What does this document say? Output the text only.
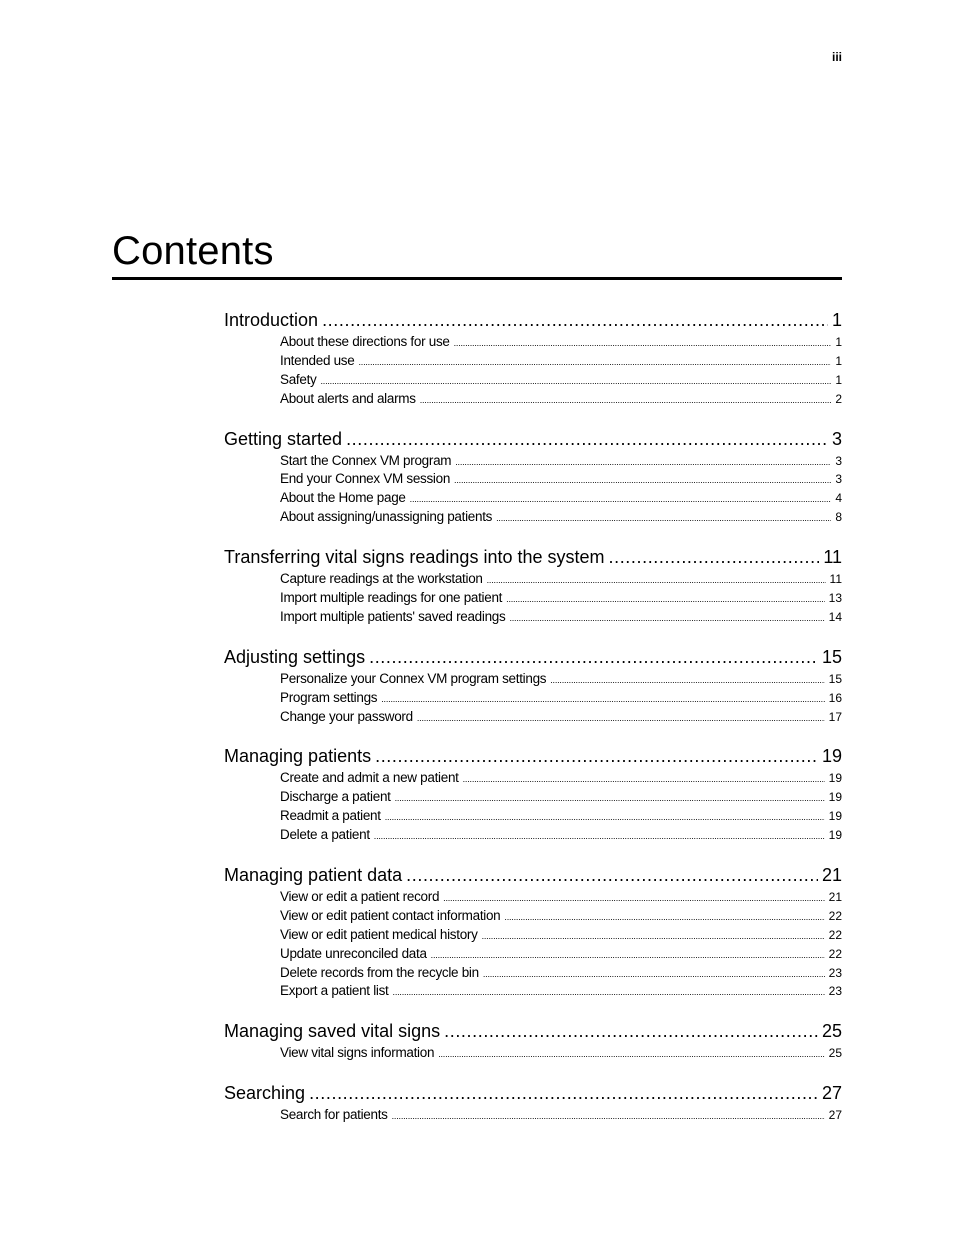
iii
Contents
Introduction .....	1
About these directions for use .....	1
Intended use .....	1
Safety .....	1
About alerts and alarms .....	2
Getting started .....	3
Start the Connex VM program .....	3
End your Connex VM session .....	3
About the Home page .....	4
About assigning/unassigning patients .....	8
Transferring vital signs readings into the system .....	11
Capture readings at the workstation .....	11
Import multiple readings for one patient .....	13
Import multiple patients' saved readings .....	14
Adjusting settings .....	15
Personalize your Connex VM program settings .....	15
Program settings .....	16
Change your password .....	17
Managing patients .....	19
Create and admit a new patient .....	19
Discharge a patient .....	19
Readmit a patient .....	19
Delete a patient .....	19
Managing patient data .....	21
View or edit a patient record .....	21
View or edit patient contact information .....	22
View or edit patient medical history .....	22
Update unreconciled data .....	22
Delete records from the recycle bin .....	23
Export a patient list .....	23
Managing saved vital signs .....	25
View vital signs information .....	25
Searching .....	27
Search for patients .....	27
